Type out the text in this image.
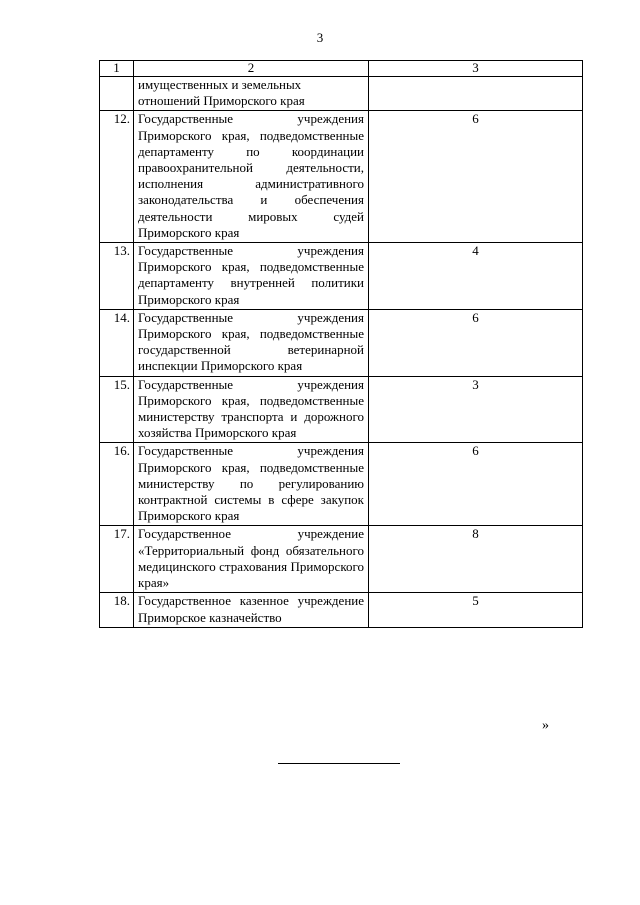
3
1	2	3
	имущественных и земельных
отношений Приморского края	
12.	Государственные учреждения Приморского края, подведомственные департаменту по координации правоохранительной деятельности, исполнения административного законодательства и обеспечения деятельности мировых судей Приморского края	6
13.	Государственные учреждения Приморского края, подведомственные департаменту внутренней политики Приморского края	4
14.	Государственные учреждения Приморского края, подведомственные государственной ветеринарной инспекции Приморского края	6
15.	Государственные учреждения Приморского края, подведомственные министерству транспорта и дорожного хозяйства Приморского края	3
16.	Государственные учреждения Приморского края, подведомственные министерству по регулированию контрактной системы в сфере закупок Приморского края	6
17.	Государственное учреждение «Территориальный фонд обязательного медицинского страхования Приморского края»	8
18.	Государственное казенное учреждение Приморское казначейство	5
»
